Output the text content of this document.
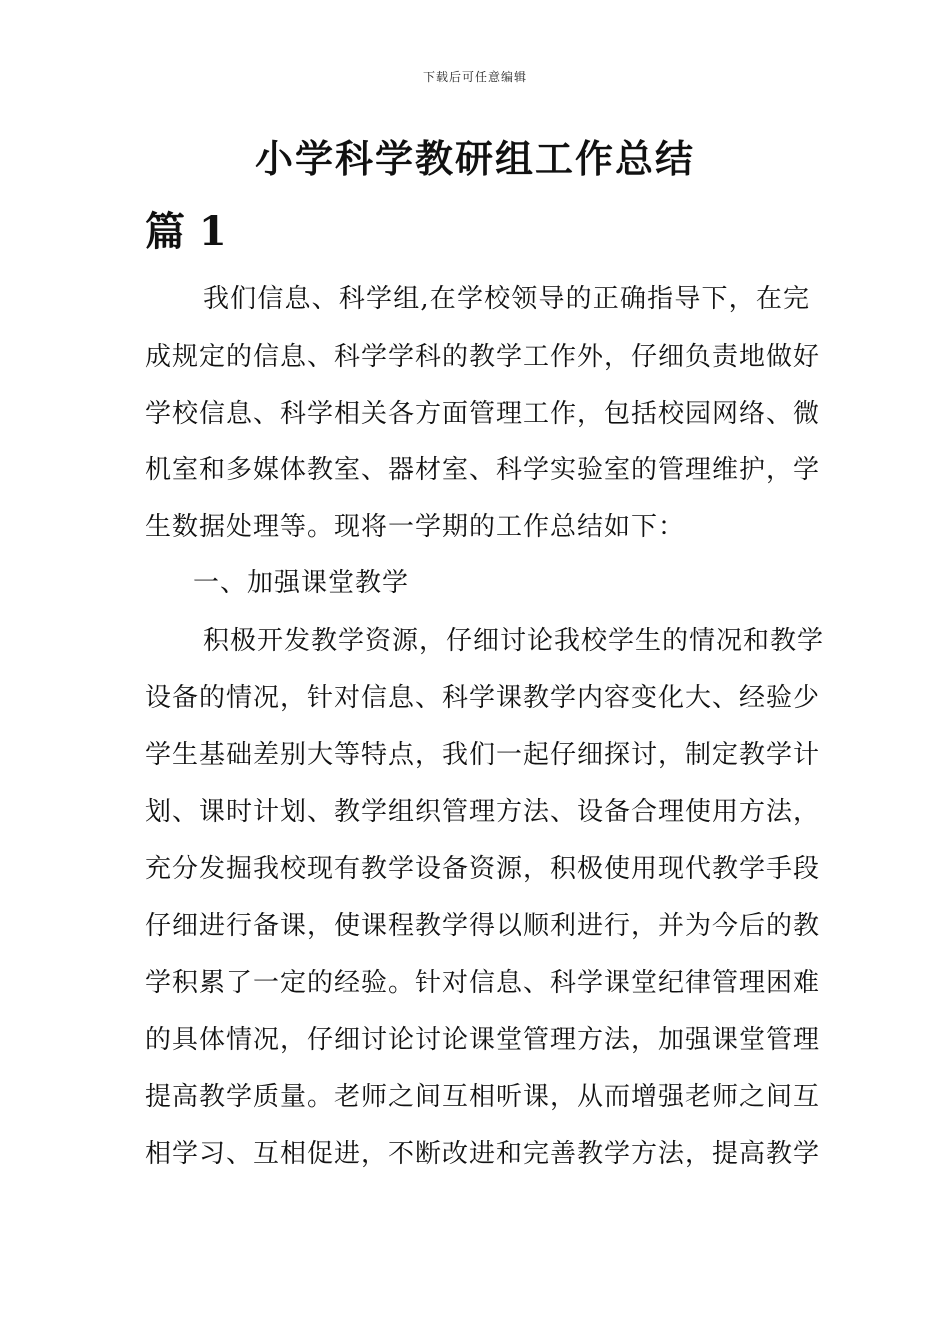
下载后可任意编辑
小学科学教研组工作总结
篇 1
我们信息、科学组,在学校领导的正确指导下，在完
成规定的信息、科学学科的教学工作外，仔细负责地做好
学校信息、科学相关各方面管理工作，包括校园网络、微
机室和多媒体教室、器材室、科学实验室的管理维护，学
生数据处理等。现将一学期的工作总结如下：
一、加强课堂教学
积极开发教学资源，仔细讨论我校学生的情况和教学
设备的情况，针对信息、科学课教学内容变化大、经验少
学生基础差别大等特点，我们一起仔细探讨，制定教学计
划、课时计划、教学组织管理方法、设备合理使用方法，
充分发掘我校现有教学设备资源，积极使用现代教学手段
仔细进行备课，使课程教学得以顺利进行，并为今后的教
学积累了一定的经验。针对信息、科学课堂纪律管理困难
的具体情况，仔细讨论讨论课堂管理方法，加强课堂管理
提高教学质量。老师之间互相听课，从而增强老师之间互
相学习、互相促进，不断改进和完善教学方法，提高教学
